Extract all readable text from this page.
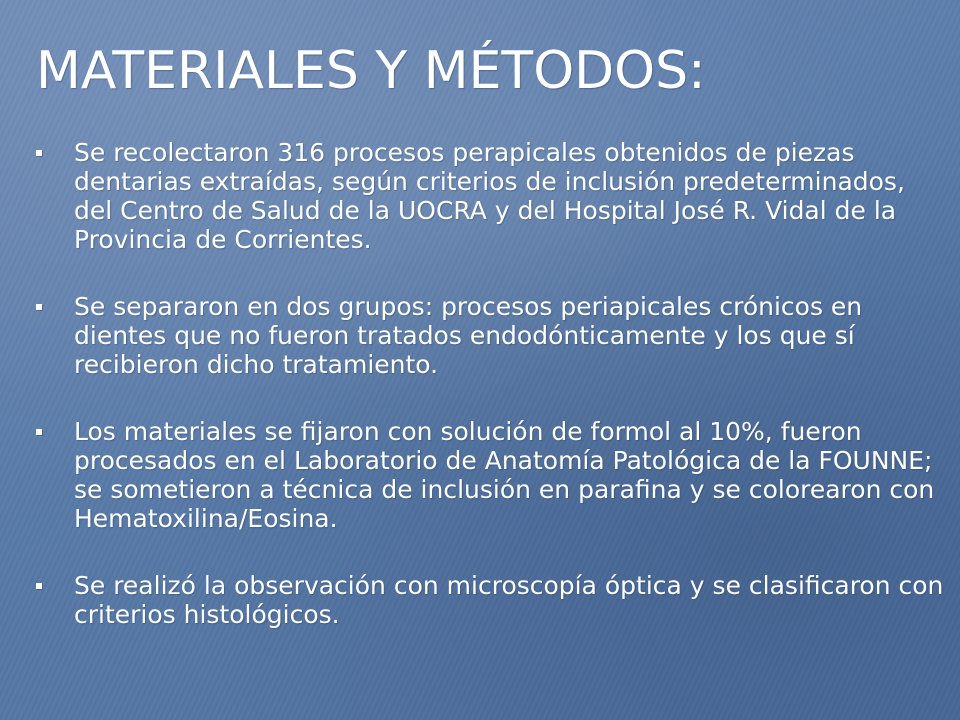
MATERIALES Y MÉTODOS:
Se recolectaron 316 procesos perapicales obtenidos de piezas dentarias extraídas, según criterios de inclusión predeterminados, del Centro de Salud de la UOCRA y del Hospital José R. Vidal de la Provincia de Corrientes.
Se separaron en dos grupos: procesos periapicales crónicos en dientes que no fueron tratados endodónticamente y los que sí recibieron dicho tratamiento.
Los materiales se fijaron con solución de formol al 10%, fueron procesados en el Laboratorio de Anatomía Patológica de la FOUNNE; se sometieron a técnica de inclusión en parafina y se colorearon con Hematoxilina/Eosina.
Se realizó la observación con microscopía óptica y se clasificaron con criterios histológicos.
